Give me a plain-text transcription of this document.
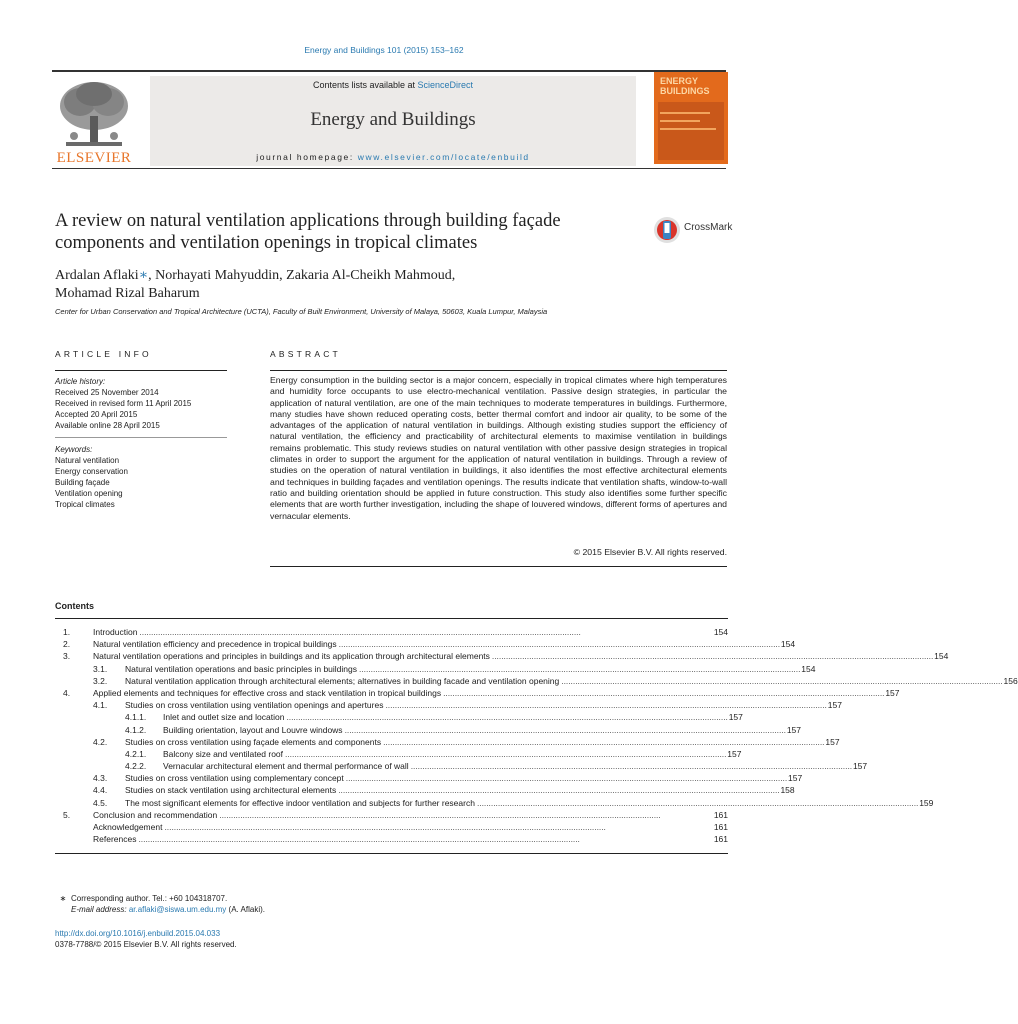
Energy and Buildings 101 (2015) 153–162
ELSEVIER
Contents lists available at ScienceDirect
Energy and Buildings
journal homepage: www.elsevier.com/locate/enbuild
ENERGY
BUILDINGS
A review on natural ventilation applications through building façade components and ventilation openings in tropical climates
CrossMark
Ardalan Aflaki∗, Norhayati Mahyuddin, Zakaria Al-Cheikh Mahmoud,
Mohamad Rizal Baharum
Center for Urban Conservation and Tropical Architecture (UCTA), Faculty of Built Environment, University of Malaya, 50603, Kuala Lumpur, Malaysia
ARTICLE INFO	ABSTRACT
Article history:
Received 25 November 2014
Received in revised form 11 April 2015
Accepted 20 April 2015
Available online 28 April 2015
Keywords:
Natural ventilation
Energy conservation
Building façade
Ventilation opening
Tropical climates
Energy consumption in the building sector is a major concern, especially in tropical climates where high temperatures and humidity force occupants to use electro-mechanical ventilation. Passive design strategies, in particular the application of natural ventilation, are one of the main techniques to moderate temperatures in buildings. Furthermore, many studies have shown reduced operating costs, better thermal comfort and indoor air quality, to be some of the advantages of the application of natural ventilation in buildings. Although existing studies support the efficiency of natural ventilation, the efficiency and practicability of architectural elements to maximise ventilation in buildings remains problematic. This study reviews studies on natural ventilation with other passive design strategies in tropical climates in order to support the argument for the application of natural ventilation in buildings. Through a review of studies on the operation of natural ventilation in buildings, it also identifies the most effective architectural elements and techniques in building façades and ventilation openings. The results indicate that ventilation shafts, window-to-wall ratio and building orientation should be applied in future construction. This study also identifies some further specific elements that are worth further investigation, including the shape of louvered windows, different forms of apertures and vernacular elements.
© 2015 Elsevier B.V. All rights reserved.
Contents
1.	Introduction . . .	154
2.	Natural ventilation efficiency and precedence in tropical buildings . . .	154
3.	Natural ventilation operations and principles in buildings and its application through architectural elements . . .	154
3.1.	Natural ventilation operations and basic principles in buildings . . .	154
3.2.	Natural ventilation application through architectural elements; alternatives in building facade and ventilation opening . . .	156
4.	Applied elements and techniques for effective cross and stack ventilation in tropical buildings . . .	157
4.1.	Studies on cross ventilation using ventilation openings and apertures . . .	157
4.1.1.	Inlet and outlet size and location . . .	157
4.1.2.	Building orientation, layout and Louvre windows . . .	157
4.2.	Studies on cross ventilation using façade elements and components . . .	157
4.2.1.	Balcony size and ventilated roof . . .	157
4.2.2.	Vernacular architectural element and thermal performance of wall . . .	157
4.3.	Studies on cross ventilation using complementary concept . . .	157
4.4.	Studies on stack ventilation using architectural elements . . .	158
4.5.	The most significant elements for effective indoor ventilation and subjects for further research . . .	159
5.	Conclusion and recommendation . . .	161
Acknowledgement . . .	161
References . . .	161
∗ Corresponding author. Tel.: +60 104318707.
E-mail address: ar.aflaki@siswa.um.edu.my (A. Aflaki).
http://dx.doi.org/10.1016/j.enbuild.2015.04.033
0378-7788/© 2015 Elsevier B.V. All rights reserved.
